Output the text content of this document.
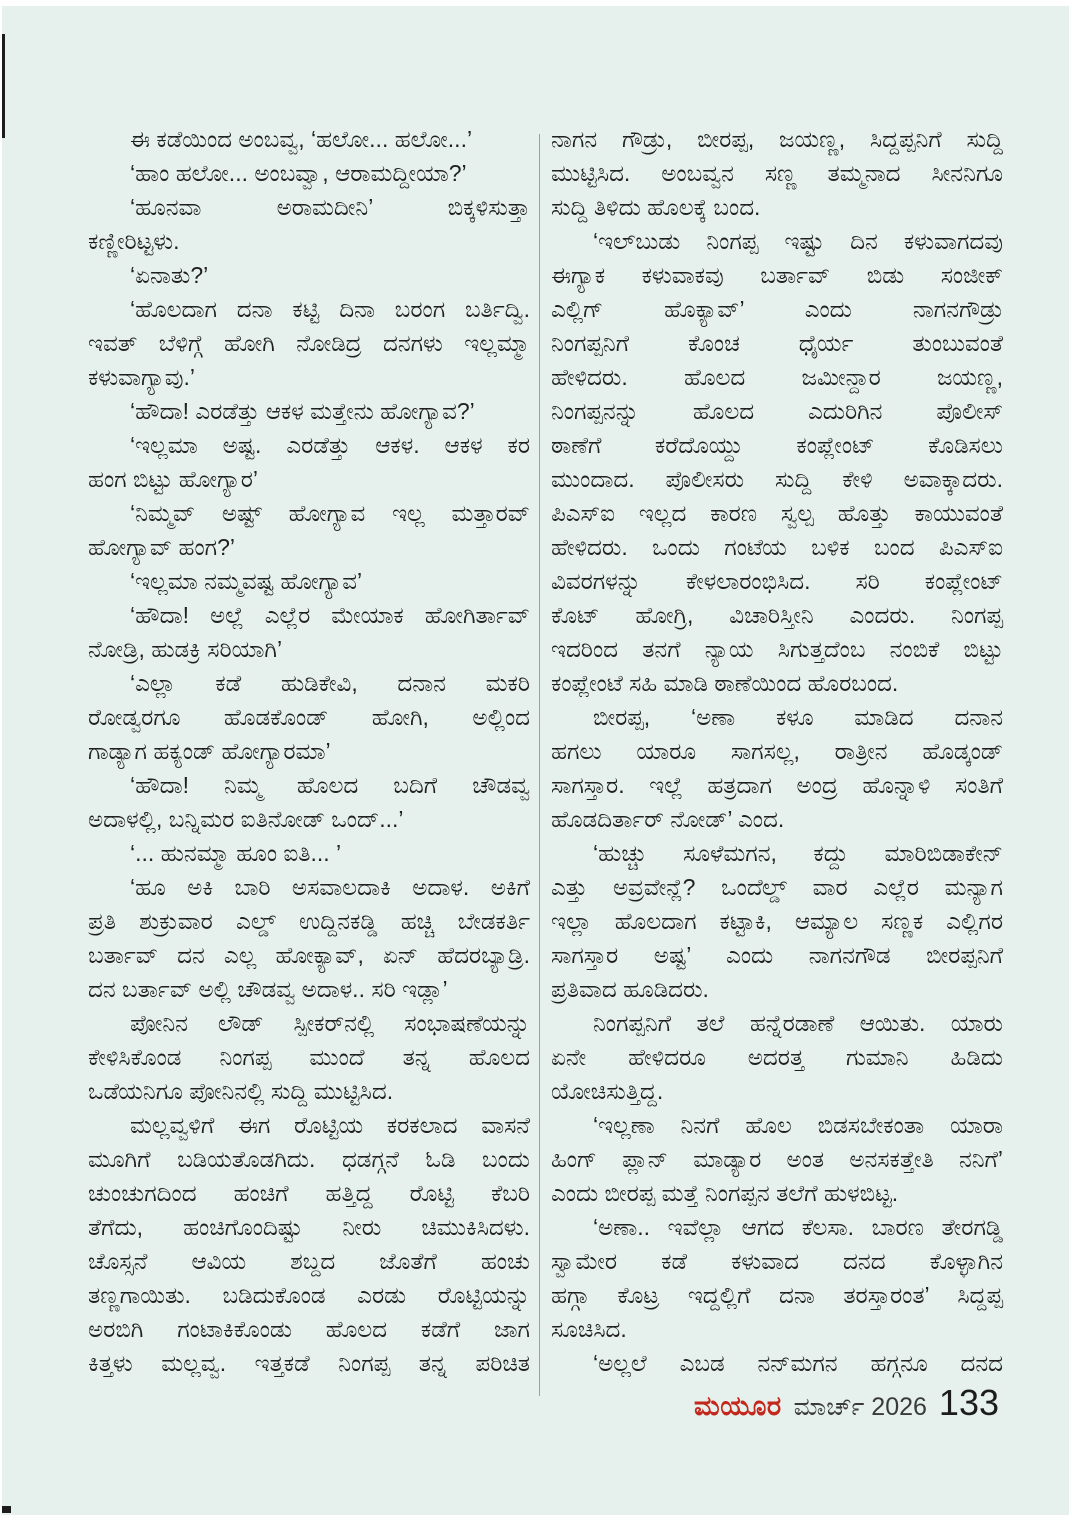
ಈ ಕಡೆಯಿಂದ ಅಂಬವ್ವ, ‘ಹಲೋ... ಹಲೋ...’
‘ಹಾಂ ಹಲೋ... ಅಂಬವ್ವಾ, ಆರಾಮದ್ದೀಯಾ?’
‘ಹೂನವಾ ಅರಾಮದೀನಿ’ ಬಿಕ್ಕಳಿಸುತ್ತಾ
ಕಣ್ಣೀರಿಟ್ಟಳು.
‘ಏನಾತು?’
‘ಹೊಲದಾಗ ದನಾ ಕಟ್ಟಿ ದಿನಾ ಬರಂಗ ಬರ್ತಿದ್ವಿ.
ಇವತ್ ಬೆಳಿಗ್ಗೆ ಹೋಗಿ ನೋಡಿದ್ರ ದನಗಳು ಇಲ್ಲಮ್ಮಾ
ಕಳುವಾಗ್ಯಾವು.’
‘ಹೌದಾ! ಎರಡೆತ್ತು ಆಕಳ ಮತ್ತೇನು ಹೋಗ್ಯಾವ?’
‘ಇಲ್ಲಮಾ ಅಷ್ಟ. ಎರಡೆತ್ತು ಆಕಳ. ಆಕಳ ಕರ
ಹಂಗ ಬಿಟ್ಟು ಹೋಗ್ಯಾರ’
‘ನಿಮ್ಮವ್ ಅಷ್ಟ್ ಹೋಗ್ಯಾವ ಇಲ್ಲ ಮತ್ತಾರವ್
ಹೋಗ್ಯಾವ್ ಹಂಗ?’
‘ಇಲ್ಲಮಾ ನಮ್ಮವಷ್ಟ ಹೋಗ್ಯಾವ’
‘ಹೌದಾ! ಅಲ್ಲೆ ಎಲ್ಲೆರ ಮೇಯಾಕ ಹೋಗಿರ್ತಾವ್
ನೋಡ್ರಿ, ಹುಡಕ್ರಿ ಸರಿಯಾಗಿ’
‘ಎಲ್ಲಾ ಕಡೆ ಹುಡಿಕೇವಿ, ದನಾನ ಮಕರಿ
ರೋಡ್ವರಗೂ ಹೊಡಕೊಂಡ್ ಹೋಗಿ, ಅಲ್ಲಿಂದ
ಗಾಡ್ಯಾಗ ಹಕ್ಯಂಡ್ ಹೋಗ್ಯಾರಮಾ’
‘ಹೌದಾ! ನಿಮ್ಮ ಹೊಲದ ಬದಿಗೆ ಚೌಡವ್ವ
ಅದಾಳಲ್ಲಿ, ಬನ್ನಿಮರ ಐತಿನೋಡ್ ಒಂದ್...’
‘... ಹುನಮ್ಮಾ ಹೂಂ ಐತಿ... ’
‘ಹೂ ಅಕಿ ಬಾರಿ ಅಸವಾಲದಾಕಿ ಅದಾಳ. ಅಕಿಗೆ
ಪ್ರತಿ ಶುಕ್ರುವಾರ ಎಲ್ಡ್ ಉದ್ದಿನಕಡ್ಡಿ ಹಚ್ಚಿ ಬೇಡಕರ್ತಿ
ಬರ್ತಾವ್ ದನ ಎಲ್ಲ ಹೋಕ್ಯಾವ್, ಏನ್ ಹೆದರಬ್ಯಾಡ್ರಿ.
ದನ ಬರ್ತಾವ್ ಅಲ್ಲಿ ಚೌಡವ್ವ ಅದಾಳ.. ಸರಿ ಇಡ್ಲಾ’
ಪೋನಿನ ಲೌಡ್ ಸ್ಪೀಕರ್‌ನಲ್ಲಿ ಸಂಭಾಷಣೆಯನ್ನು
ಕೇಳಿಸಿಕೊಂಡ ನಿಂಗಪ್ಪ ಮುಂದೆ ತನ್ನ ಹೊಲದ
ಒಡೆಯನಿಗೂ ಪೋನಿನಲ್ಲಿ ಸುದ್ದಿ ಮುಟ್ಟಿಸಿದ.
ಮಲ್ಲವ್ವಳಿಗೆ ಈಗ ರೊಟ್ಟಿಯ ಕರಕಲಾದ ವಾಸನೆ
ಮೂಗಿಗೆ ಬಡಿಯತೊಡಗಿದು. ಧಡಗ್ಗನೆ ಓಡಿ ಬಂದು
ಚುಂಚುಗದಿಂದ ಹಂಚಿಗೆ ಹತ್ತಿದ್ದ ರೊಟ್ಟಿ ಕೆಬರಿ
ತೆಗೆದು, ಹಂಚಿಗೊಂದಿಷ್ಟು ನೀರು ಚಿಮುಕಿಸಿದಳು.
ಚೊಸ್ಸನೆ ಆವಿಯ ಶಬ್ದದ ಜೊತೆಗೆ ಹಂಚು
ತಣ್ಣಗಾಯಿತು. ಬಡಿದುಕೊಂಡ ಎರಡು ರೊಟ್ಟಿಯನ್ನು
ಅರಬಿಗಿ ಗಂಟಾಕಿಕೊಂಡು ಹೊಲದ ಕಡೆಗೆ ಜಾಗ
ಕಿತ್ತಳು ಮಲ್ಲವ್ವ. ಇತ್ತಕಡೆ ನಿಂಗಪ್ಪ ತನ್ನ ಪರಿಚಿತ
ನಾಗನ ಗೌಡ್ರು, ಬೀರಪ್ಪ, ಜಯಣ್ಣ, ಸಿದ್ದಪ್ಪನಿಗೆ ಸುದ್ದಿ
ಮುಟ್ಟಿಸಿದ. ಅಂಬವ್ವನ ಸಣ್ಣ ತಮ್ಮನಾದ ಸೀನನಿಗೂ
ಸುದ್ದಿ ತಿಳಿದು ಹೊಲಕ್ಕೆ ಬಂದ.
‘ಇಲ್‌ಬುಡು ನಿಂಗಪ್ಪ ಇಷ್ಟು ದಿನ ಕಳುವಾಗದವು
ಈಗ್ಯಾಕ ಕಳುವಾಕವು ಬರ್ತಾವ್ ಬಿಡು ಸಂಜೀಕ್
ಎಲ್ಲಿಗ್ ಹೊಕ್ಯಾವ್’ ಎಂದು ನಾಗನಗೌಡ್ರು
ನಿಂಗಪ್ಪನಿಗೆ ಕೊಂಚ ಧೈರ್ಯ ತುಂಬುವಂತೆ
ಹೇಳಿದರು. ಹೊಲದ ಜಮೀನ್ದಾರ ಜಯಣ್ಣ,
ನಿಂಗಪ್ಪನನ್ನು ಹೊಲದ ಎದುರಿಗಿನ ಪೊಲೀಸ್
ಠಾಣೆಗೆ ಕರೆದೊಯ್ದು ಕಂಪ್ಲೇಂಟ್ ಕೊಡಿಸಲು
ಮುಂದಾದ. ಪೊಲೀಸರು ಸುದ್ದಿ ಕೇಳಿ ಅವಾಕ್ಕಾದರು.
ಪಿಎಸ್‌ಐ ಇಲ್ಲದ ಕಾರಣ ಸ್ವಲ್ಪ ಹೊತ್ತು ಕಾಯುವಂತೆ
ಹೇಳಿದರು. ಒಂದು ಗಂಟೆಯ ಬಳಿಕ ಬಂದ ಪಿಎಸ್‌ಐ
ವಿವರಗಳನ್ನು ಕೇಳಲಾರಂಭಿಸಿದ. ಸರಿ ಕಂಪ್ಲೇಂಟ್
ಕೊಟ್ ಹೋಗ್ರಿ, ವಿಚಾರಿಸ್ತೀನಿ ಎಂದರು. ನಿಂಗಪ್ಪ
ಇದರಿಂದ ತನಗೆ ನ್ಯಾಯ ಸಿಗುತ್ತದೆಂಬ ನಂಬಿಕೆ ಬಿಟ್ಟು
ಕಂಪ್ಲೇಂಟೆ ಸಹಿ ಮಾಡಿ ಠಾಣೆಯಿಂದ ಹೊರಬಂದ.
ಬೀರಪ್ಪ, ‘ಅಣಾ ಕಳೂ ಮಾಡಿದ ದನಾನ
ಹಗಲು ಯಾರೂ ಸಾಗಸಲ್ಲ, ರಾತ್ರೀನ ಹೊಡ್ಕಂಡ್
ಸಾಗಸ್ತಾರ. ಇಲ್ಲೆ ಹತ್ರದಾಗ ಅಂದ್ರ ಹೊನ್ನಾಳಿ ಸಂತಿಗೆ
ಹೊಡದಿರ್ತಾರ್ ನೋಡ್’ ಎಂದ.
‘ಹುಚ್ಚು ಸೂಳೆಮಗನ, ಕದ್ದು ಮಾರಿಬಿಡಾಕೇನ್
ಎತ್ತು ಅವ್ರವೇನ್ಲೆ? ಒಂದೆಲ್ಡ್ ವಾರ ಎಲ್ಲೆರ ಮನ್ಯಾಗ
ಇಲ್ಲಾ ಹೊಲದಾಗ ಕಟ್ಟಾಕಿ, ಆಮ್ಯಾಲ ಸಣ್ಣಕ ಎಲ್ಲಿಗರ
ಸಾಗಸ್ತಾರ ಅಷ್ಟ’ ಎಂದು ನಾಗನಗೌಡ ಬೀರಪ್ಪನಿಗೆ
ಪ್ರತಿವಾದ ಹೂಡಿದರು.
ನಿಂಗಪ್ಪನಿಗೆ ತಲೆ ಹನ್ನೆರಡಾಣೆ ಆಯಿತು. ಯಾರು
ಏನೇ ಹೇಳಿದರೂ ಅದರತ್ತ ಗುಮಾನಿ ಹಿಡಿದು
ಯೋಚಿಸುತ್ತಿದ್ದ.
‘ಇಲ್ಲಣಾ ನಿನಗೆ ಹೊಲ ಬಿಡಸಬೇಕಂತಾ ಯಾರಾ
ಹಿಂಗ್ ಪ್ಲಾನ್ ಮಾಡ್ಯಾರ ಅಂತ ಅನಸಕತ್ತೇತಿ ನನಿಗೆ’
ಎಂದು ಬೀರಪ್ಪ ಮತ್ತೆ ನಿಂಗಪ್ಪನ ತಲೆಗೆ ಹುಳಬಿಟ್ಟ.
‘ಅಣಾ.. ಇವೆಲ್ಲಾ ಆಗದ ಕೆಲಸಾ. ಬಾರಣ ತೇರಗಡ್ಡಿ
ಸ್ವಾಮೇರ ಕಡೆ ಕಳುವಾದ ದನದ ಕೊಳ್ಳಾಗಿನ
ಹಗ್ಗಾ ಕೊಟ್ರ ಇದ್ದಲ್ಲಿಗೆ ದನಾ ತರಸ್ತಾರಂತ’ ಸಿದ್ದಪ್ಪ
ಸೂಚಿಸಿದ.
‘ಅಲ್ಲಲೆ ಎಬಡ ನನ್‌ಮಗನ ಹಗ್ಗನೂ ದನದ
ಮಯೂರ ಮಾರ್ಚ್ 2026 133
